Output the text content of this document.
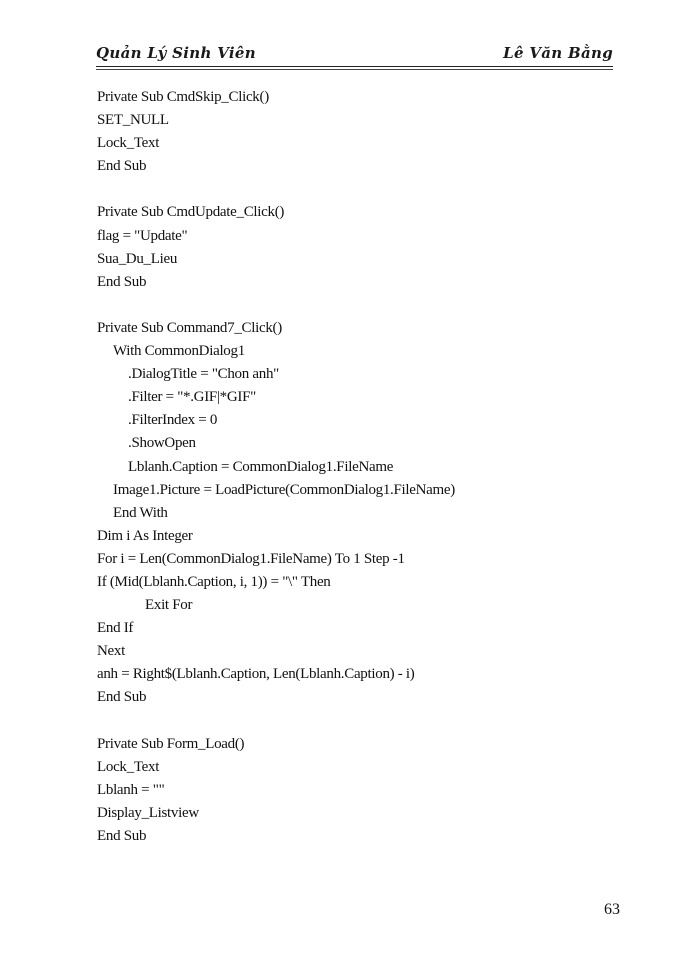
Quản Lý Sinh Viên	Lê Văn Bằng
Private Sub CmdSkip_Click()
SET_NULL
Lock_Text
End Sub
Private Sub CmdUpdate_Click()
flag = "Update"
Sua_Du_Lieu
End Sub
Private Sub Command7_Click()
With CommonDialog1
.DialogTitle = "Chon anh"
.Filter = "*.GIF|*GIF"
.FilterIndex = 0
.ShowOpen
Lblanh.Caption = CommonDialog1.FileName
Image1.Picture = LoadPicture(CommonDialog1.FileName)
End With
Dim i As Integer
For i = Len(CommonDialog1.FileName) To 1 Step -1
If (Mid(Lblanh.Caption, i, 1)) = "\" Then
Exit For
End If
Next
anh = Right$(Lblanh.Caption, Len(Lblanh.Caption) - i)
End Sub
Private Sub Form_Load()
Lock_Text
Lblanh = ""
Display_Listview
End Sub
63
